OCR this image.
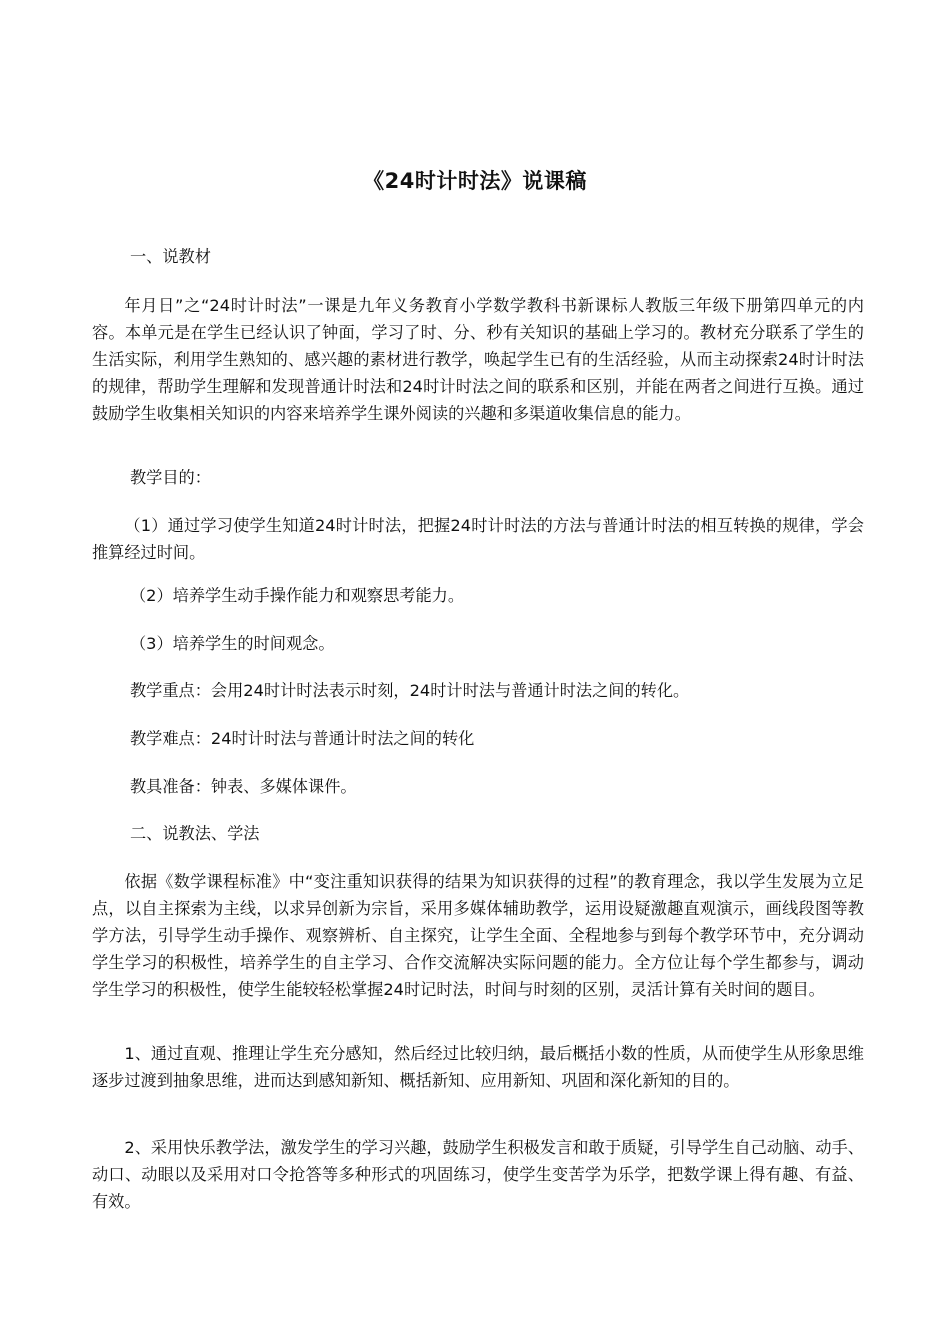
《24时计时法》说课稿

一、说教材

年月日”之“24时计时法”一课是九年义务教育小学数学教科书新课标人教版三年级下册第四单元的内容。本单元是在学生已经认识了钟面，学习了时、分、秒有关知识的基础上学习的。教材充分联系了学生的生活实际，利用学生熟知的、感兴趣的素材进行教学，唤起学生已有的生活经验，从而主动探索24时计时法的规律，帮助学生理解和发现普通计时法和24时计时法之间的联系和区别，并能在两者之间进行互换。通过鼓励学生收集相关知识的内容来培养学生课外阅读的兴趣和多渠道收集信息的能力。

教学目的：

（1）通过学习使学生知道24时计时法，把握24时计时法的方法与普通计时法的相互转换的规律，学会推算经过时间。

（2）培养学生动手操作能力和观察思考能力。

（3）培养学生的时间观念。

教学重点：会用24时计时法表示时刻，24时计时法与普通计时法之间的转化。

教学难点：24时计时法与普通计时法之间的转化

教具准备：钟表、多媒体课件。

二、说教法、学法

依据《数学课程标准》中“变注重知识获得的结果为知识获得的过程”的教育理念，我以学生发展为立足点，以自主探索为主线，以求异创新为宗旨，采用多媒体辅助教学，运用设疑激趣直观演示，画线段图等教学方法，引导学生动手操作、观察辨析、自主探究，让学生全面、全程地参与到每个教学环节中，充分调动学生学习的积极性，培养学生的自主学习、合作交流解决实际问题的能力。全方位让每个学生都参与，调动学生学习的积极性，使学生能较轻松掌握24时记时法，时间与时刻的区别，灵活计算有关时间的题目。

1、通过直观、推理让学生充分感知，然后经过比较归纳，最后概括小数的性质，从而使学生从形象思维逐步过渡到抽象思维，进而达到感知新知、概括新知、应用新知、巩固和深化新知的目的。

2、采用快乐教学法，激发学生的学习兴趣，鼓励学生积极发言和敢于质疑，引导学生自己动脑、动手、动口、动眼以及采用对口令抢答等多种形式的巩固练习，使学生变苦学为乐学，把数学课上得有趣、有益、有效。
